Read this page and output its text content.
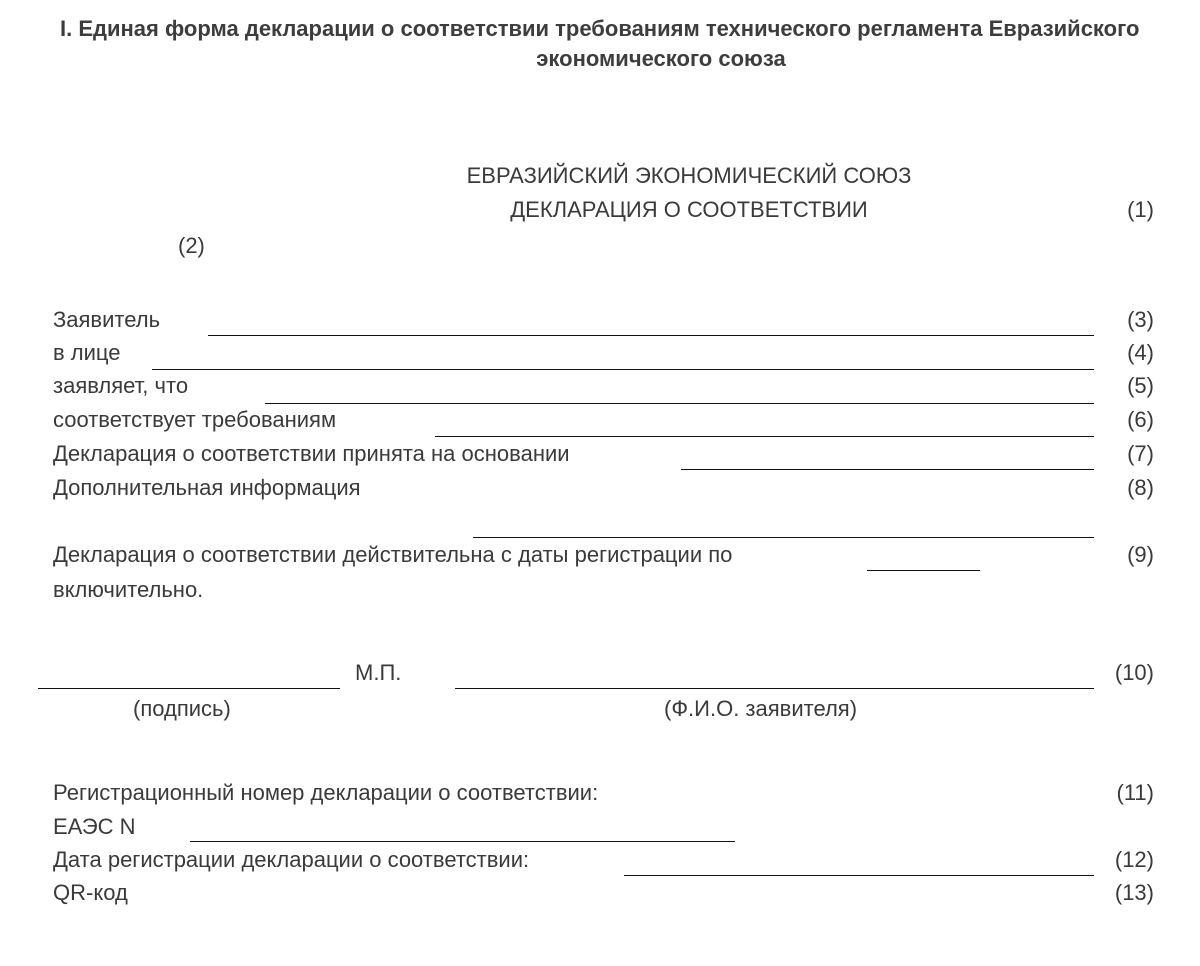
I. Единая форма декларации о соответствии требованиям технического регламента Евразийского
экономического союза
ЕВРАЗИЙСКИЙ ЭКОНОМИЧЕСКИЙ СОЮЗ
ДЕКЛАРАЦИЯ О СООТВЕТСТВИИ	(1)
(2)
Заявитель	(3)
в лице	(4)
заявляет, что	(5)
соответствует требованиям	(6)
Декларация о соответствии принята на основании	(7)
Дополнительная информация	(8)
Декларация о соответствии действительна с даты регистрации по	(9)
включительно.
М.П.	(10)
(подпись)	(Ф.И.О. заявителя)
Регистрационный номер декларации о соответствии:	(11)
ЕАЭС N
Дата регистрации декларации о соответствии:	(12)
QR-код	(13)
